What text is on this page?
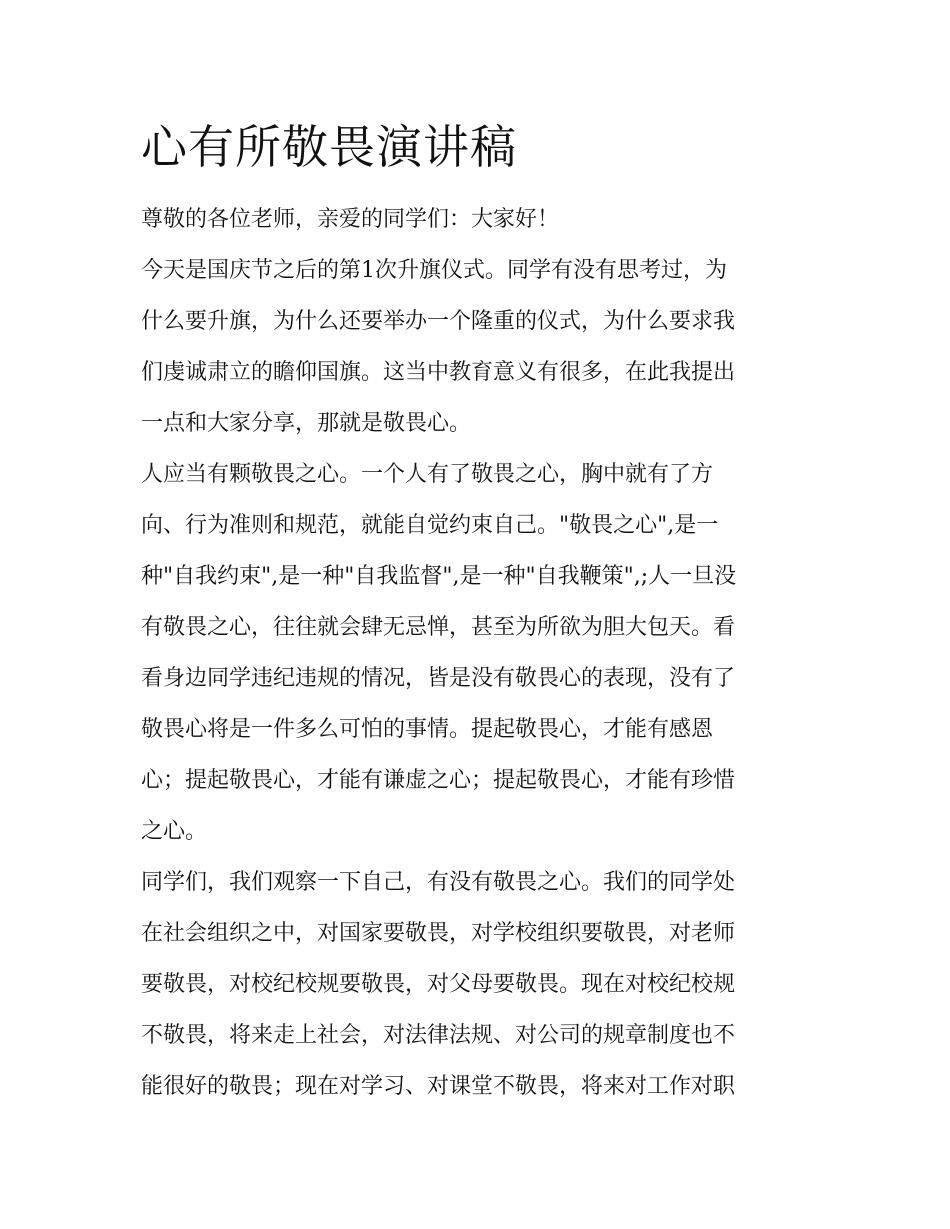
心有所敬畏演讲稿
尊敬的各位老师，亲爱的同学们：大家好！
今天是国庆节之后的第1次升旗仪式。同学有没有思考过，为
什么要升旗，为什么还要举办一个隆重的仪式，为什么要求我
们虔诚肃立的瞻仰国旗。这当中教育意义有很多，在此我提出
一点和大家分享，那就是敬畏心。
人应当有颗敬畏之心。一个人有了敬畏之心，胸中就有了方
向、行为准则和规范，就能自觉约束自己。"敬畏之心",是一
种"自我约束",是一种"自我监督",是一种"自我鞭策",;人一旦没
有敬畏之心，往往就会肆无忌惮，甚至为所欲为胆大包天。看
看身边同学违纪违规的情况，皆是没有敬畏心的表现，没有了
敬畏心将是一件多么可怕的事情。提起敬畏心，才能有感恩
心；提起敬畏心，才能有谦虚之心；提起敬畏心，才能有珍惜
之心。
同学们，我们观察一下自己，有没有敬畏之心。我们的同学处
在社会组织之中，对国家要敬畏，对学校组织要敬畏，对老师
要敬畏，对校纪校规要敬畏，对父母要敬畏。现在对校纪校规
不敬畏，将来走上社会，对法律法规、对公司的规章制度也不
能很好的敬畏；现在对学习、对课堂不敬畏，将来对工作对职
